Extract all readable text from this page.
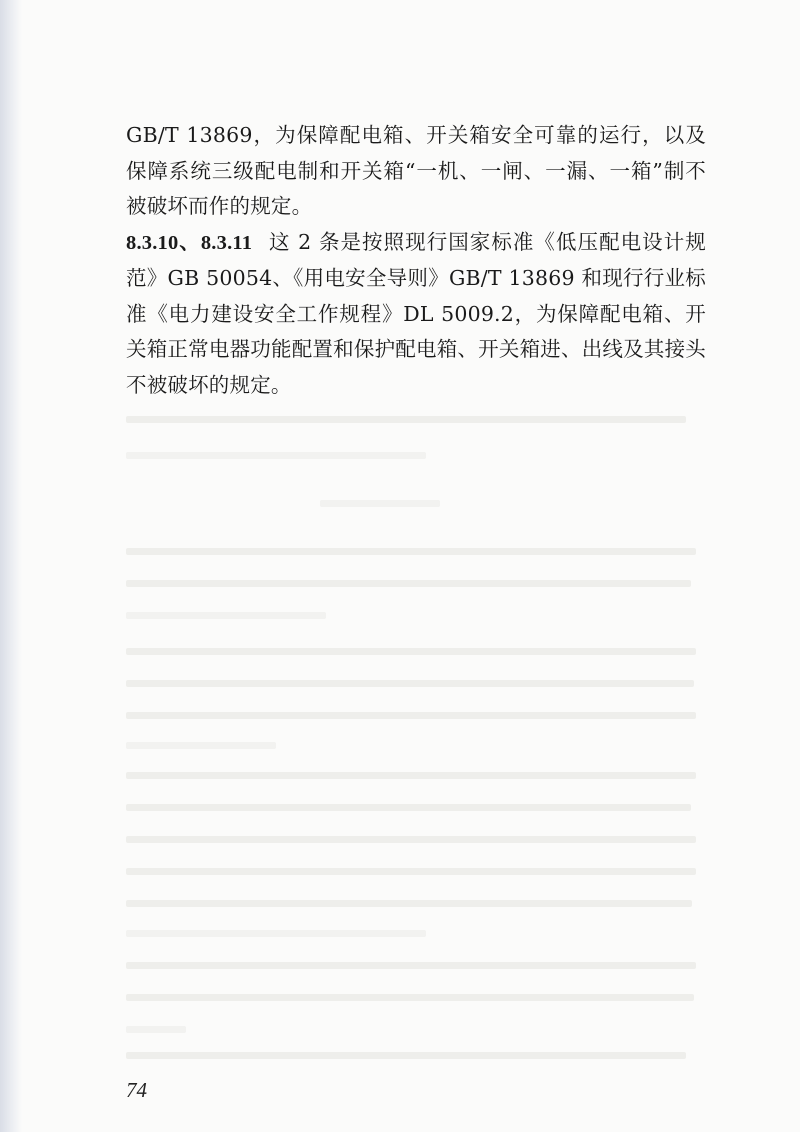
GB/T 13869，为保障配电箱、开关箱安全可靠的运行，以及保障系统三级配电制和开关箱“一机、一闸、一漏、一箱”制不被破坏而作的规定。

8.3.10、8.3.11 这 2 条是按照现行国家标准《低压配电设计规范》GB 50054、《用电安全导则》GB/T 13869 和现行行业标准《电力建设安全工作规程》DL 5009.2，为保障配电箱、开关箱正常电器功能配置和保护配电箱、开关箱进、出线及其接头不被破坏的规定。

74
